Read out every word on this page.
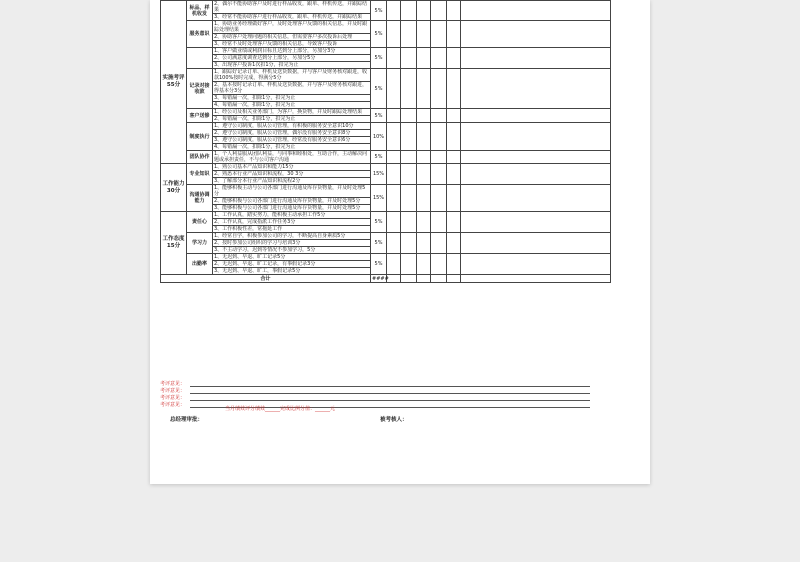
实施考评55分	标品、样机收发	2、偶尔不能协助客户及时进行样品收发，跟单、样机传送，并跟踪结果	5%						
		3、经常不能协助客户进行样品收发，跟单、样机传送，并跟踪结果							
	服务意识	1、协助业务经理做好客户，及时处理客户反馈的相关信息，并及时跟踪处理结果	5%						
		2、协助客户处理问题的相关信息，但需要客户多次投诉后处理							
		3、经常不及时处理客户反馈的相关信息，导致客户投诉							
		1、客户做业绩或利润目标且达到分上部分，另加分3分	5%						
		2、公司满意度调查达到分上部分，另加分5分							
		3、出现客户投诉1次扣1分，扣完为止							
	记录对接收款	1、跟踪好记录订单、样机及送货数据，并与客户及财务核对跟进，收款100%按时完成，得满分5分	5%						
		2、基本按时记录订单、样机及送货数据，并与客户及财务核对跟进，得基本分3分							
		3、每错漏一次，扣除1分，扣完为止							
		4、每错漏一次，扣除1分，扣完为止							
	客户送修	1、经公司及相关业务部门，为客户，换货物，并及时跟踪处理结果	5%						
		2、每错漏一次，扣除1分，扣完为止							
	制度执行	1、遵守公司制度，服从公司管理，有积极的服务安全意识10分	10%						
		2、遵守公司制度，服从公司管理，偶尔没有服务安全意识8分							
		3、遵守公司制度，服从公司管理，经常没有服务安全意识6分							
		4、每错漏一次，扣除1分，扣完为止							
	团队协作	1、个人利益服从团队利益，与同事和睦相处，互助合作，主动解决问题或承担责任，不与公司客户沟通	5%						
工作能力30分	专业知识	1、熟公司基本产品知识和能力15分	15%						
		2、熟悉本行业产品知识和流程，30 3分							
		3、了解部分本行业产品知识和流程2分							
	沟通协调能力	1、能够积极主动与公司各部门进行沟通及库存货物量，并及时处理5分	15%						
		2、能够积极与公司各部门进行沟通及库存货物量，并及时处理5分							
		3、能够积极与公司各部门进行沟通及库存货物量，并及时处理5分							
工作态度15分	责任心	1、工作认真，踏实努力，能积极主动承担工作5分	5%						
		2、工作认真，完成指派工作任务3分							
		3、工作积极性差，常拖延工作							
	学习力	1、经常自学，积极参加公司的学习，不断提高自身素质5分	5%						
		2、按时参加公司组织的学习与培训3分							
		3、不主动学习，迟到等情况不参加学习，5分							
	出勤率	1、无迟到、早退、旷工记录5分	5%						
		2、无迟到、早退、旷工记录，有事假记录3分							
		3、无迟到、早退、旷工，事假记录5分							
合计			####						
考评意见：
考评意见：
考评意见：
考评意见：
当月绩效评分绩效______完成比例分值：______元
总经理审批：	被考核人：
